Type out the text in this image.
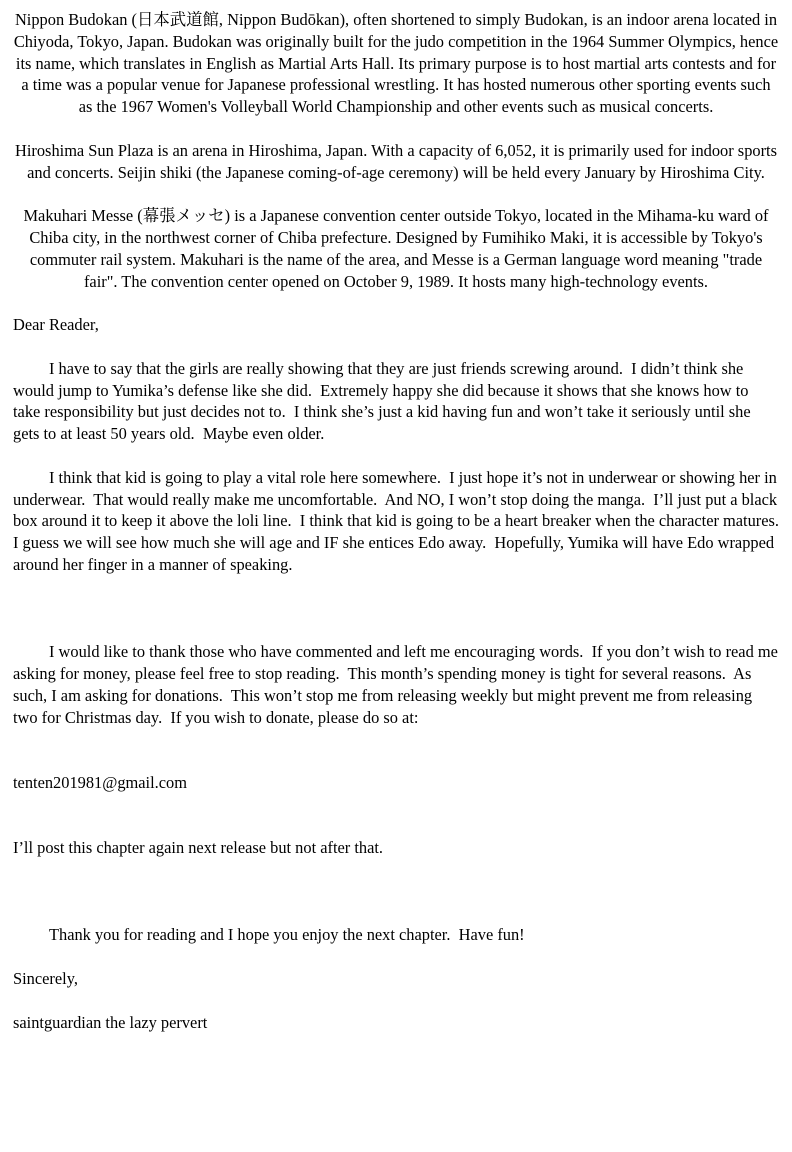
Nippon Budokan (日本武道館, Nippon Budōkan), often shortened to simply Budokan, is an indoor arena located in Chiyoda, Tokyo, Japan. Budokan was originally built for the judo competition in the 1964 Summer Olympics, hence its name, which translates in English as Martial Arts Hall. Its primary purpose is to host martial arts contests and for a time was a popular venue for Japanese professional wrestling. It has hosted numerous other sporting events such as the 1967 Women's Volleyball World Championship and other events such as musical concerts.

Hiroshima Sun Plaza is an arena in Hiroshima, Japan. With a capacity of 6,052, it is primarily used for indoor sports and concerts. Seijin shiki (the Japanese coming-of-age ceremony) will be held every January by Hiroshima City.

Makuhari Messe (幕張メッセ) is a Japanese convention center outside Tokyo, located in the Mihama-ku ward of Chiba city, in the northwest corner of Chiba prefecture. Designed by Fumihiko Maki, it is accessible by Tokyo's commuter rail system. Makuhari is the name of the area, and Messe is a German language word meaning "trade fair". The convention center opened on October 9, 1989. It hosts many high-technology events.

Dear Reader,

I have to say that the girls are really showing that they are just friends screwing around.  I didn’t think she would jump to Yumika’s defense like she did.  Extremely happy she did because it shows that she knows how to take responsibility but just decides not to.  I think she’s just a kid having fun and won’t take it seriously until she gets to at least 50 years old.  Maybe even older.

I think that kid is going to play a vital role here somewhere.  I just hope it’s not in underwear or showing her in underwear.  That would really make me uncomfortable.  And NO, I won’t stop doing the manga.  I’ll just put a black box around it to keep it above the loli line.  I think that kid is going to be a heart breaker when the character matures.  I guess we will see how much she will age and IF she entices Edo away.  Hopefully, Yumika will have Edo wrapped around her finger in a manner of speaking.

I would like to thank those who have commented and left me encouraging words.  If you don’t wish to read me asking for money, please feel free to stop reading.  This month’s spending money is tight for several reasons.  As such, I am asking for donations.  This won’t stop me from releasing weekly but might prevent me from releasing two for Christmas day.  If you wish to donate, please do so at:

tenten201981@gmail.com

I’ll post this chapter again next release but not after that.

Thank you for reading and I hope you enjoy the next chapter.  Have fun!

Sincerely,

saintguardian the lazy pervert
